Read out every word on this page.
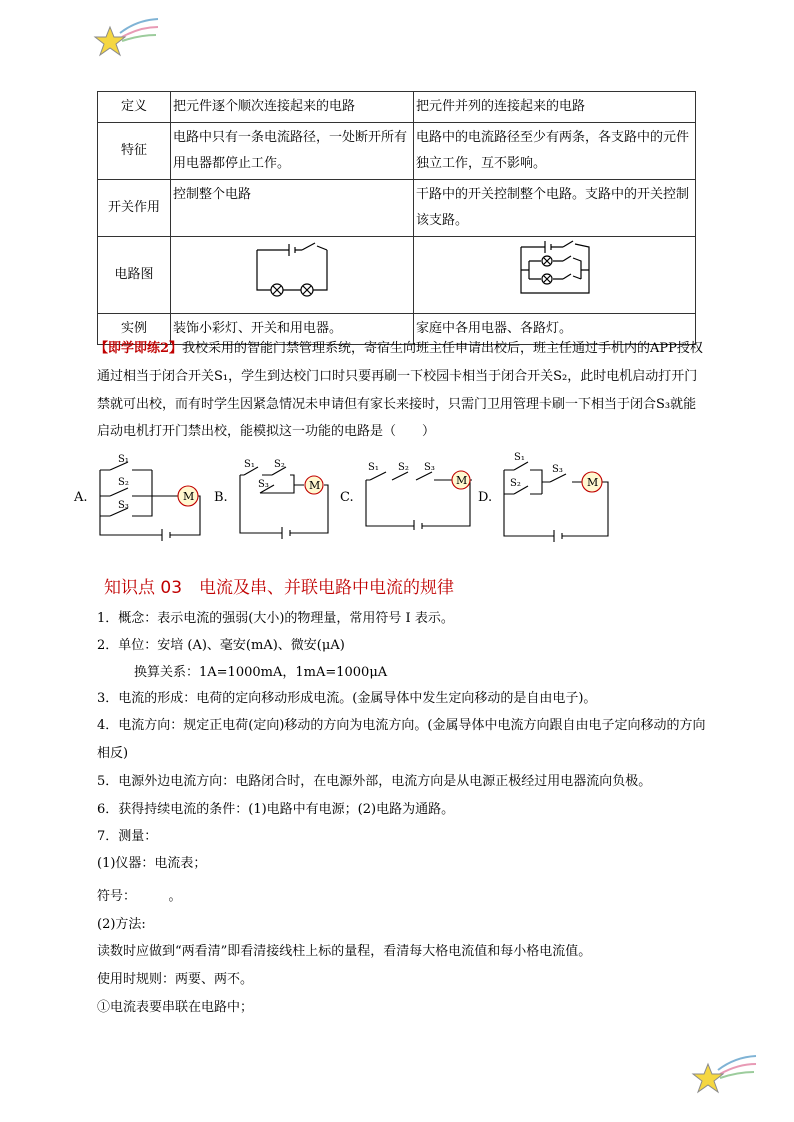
定义	把元件逐个顺次连接起来的电路	把元件并列的连接起来的电路
特征	电路中只有一条电流路径，一处断开所有用电器都停止工作。	电路中的电流路径至少有两条，各支路中的元件独立工作，互不影响。
开关作用	控制整个电路	干路中的开关控制整个电路。支路中的开关控制该支路。
电路图		
实例	装饰小彩灯、开关和用电器。	家庭中各用电器、各路灯。
【即学即练2】我校采用的智能门禁管理系统，寄宿生向班主任申请出校后，班主任通过手机内的APP授权
通过相当于闭合开关S₁，学生到达校门口时只要再刷一下校园卡相当于闭合开关S₂，此时电机启动打开门
禁就可出校，而有时学生因紧急情况未申请但有家长来接时，只需门卫用管理卡刷一下相当于闭合S₃就能
启动电机打开门禁出校，能模拟这一功能的电路是（　　）
A.
S₁
S₂
S₃
M B.
S₁ S₂
S₃	M
C.
S₁ S₂ S₃
M
D.
S₁
S₂
S₃
M
知识点 03　电流及串、并联电路中电流的规律
1．概念：表示电流的强弱(大小)的物理量，常用符号 I 表示。
2．单位：安培 (A)、毫安(mA)、微安(μA)
换算关系：1A=1000mA，1mA=1000μA
3．电流的形成：电荷的定向移动形成电流。(金属导体中发生定向移动的是自由电子)。
4．电流方向：规定正电荷(定向)移动的方向为电流方向。(金属导体中电流方向跟自由电子定向移动的方向
相反)
5．电源外边电流方向：电路闭合时，在电源外部，电流方向是从电源正极经过用电器流向负极。
6．获得持续电流的条件：(1)电路中有电源；(2)电路为通路。
7．测量：
(1)仪器：电流表；
符号：　　　。
(2)方法:
读数时应做到“两看清”即看清接线柱上标的量程，看清每大格电流值和每小格电流值。
使用时规则：两要、两不。
①电流表要串联在电路中；
